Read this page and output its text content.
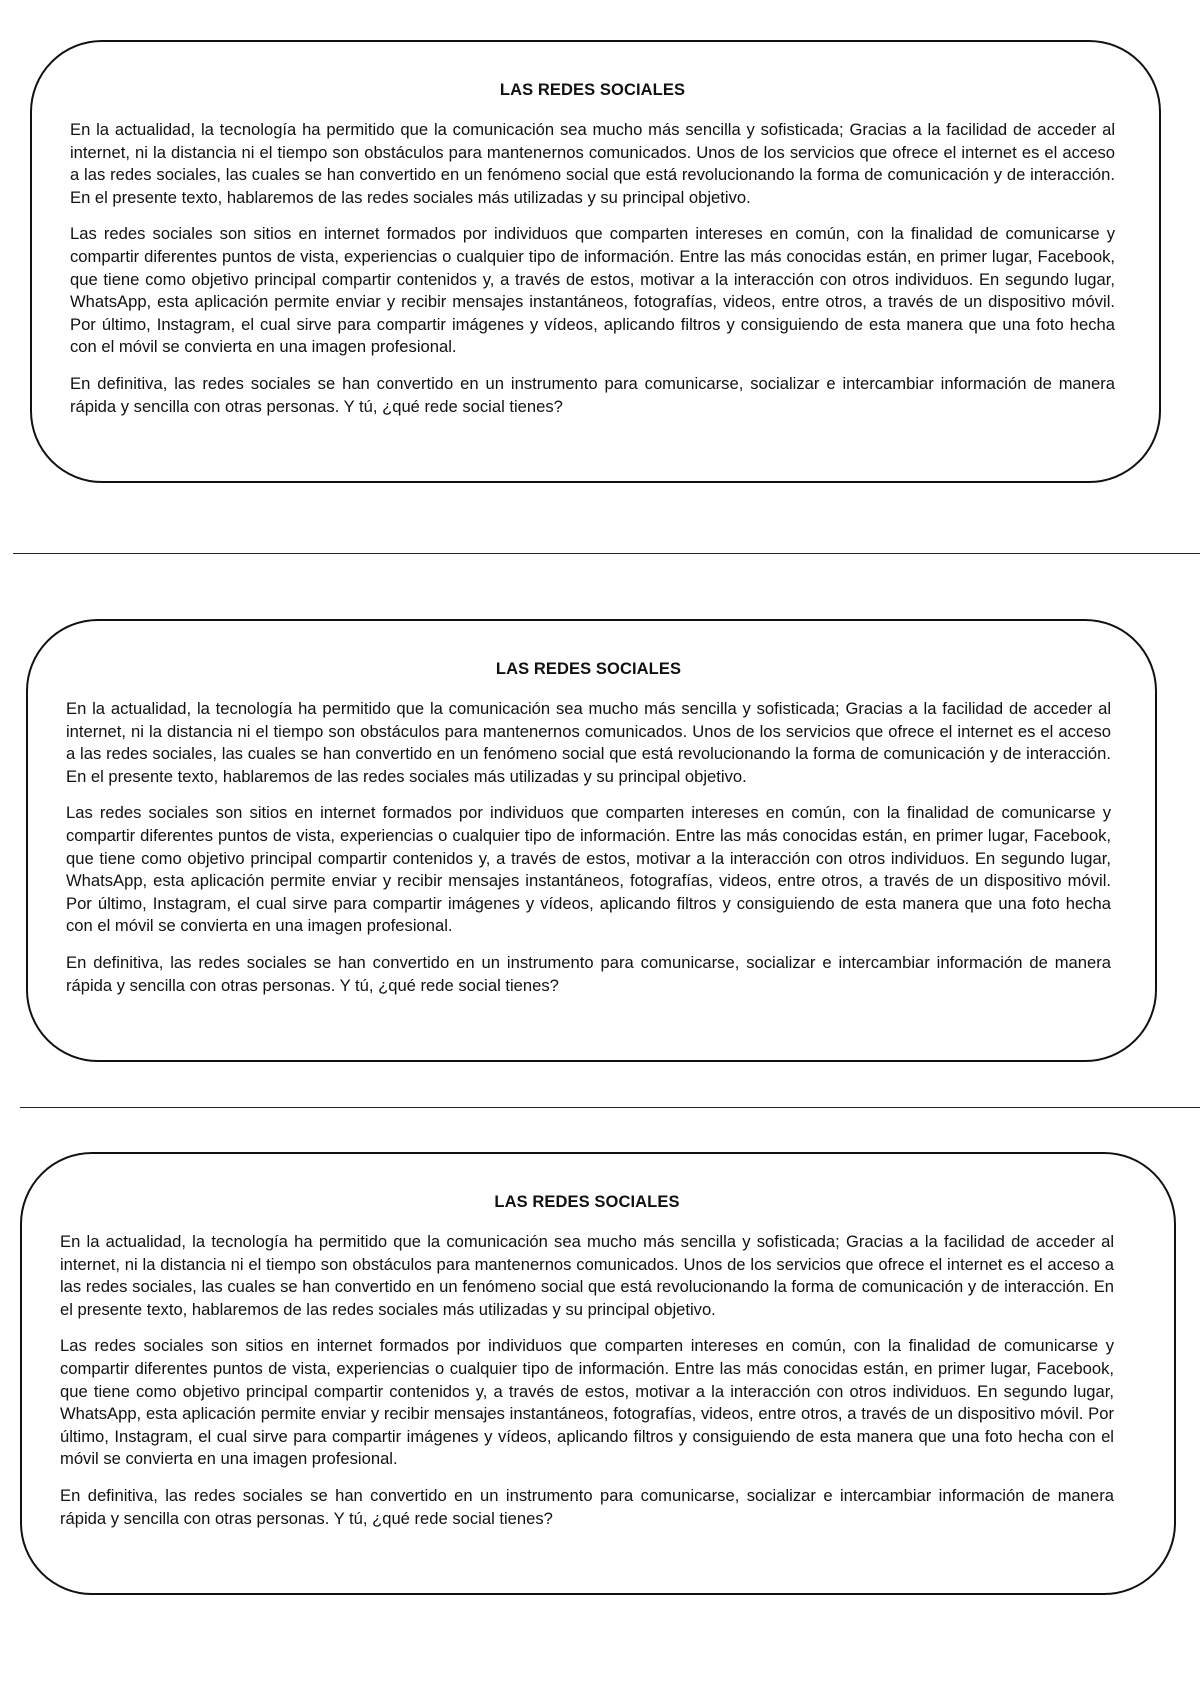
LAS REDES SOCIALES

En la actualidad, la tecnología ha permitido que la comunicación sea mucho más sencilla y sofisticada; Gracias a la facilidad de acceder al internet, ni la distancia ni el tiempo son obstáculos para mantenernos comunicados. Unos de los servicios que ofrece el internet es el acceso a las redes sociales, las cuales se han convertido en un fenómeno social que está revolucionando la forma de comunicación y de interacción. En el presente texto, hablaremos de las redes sociales más utilizadas y su principal objetivo.

Las redes sociales son sitios en internet formados por individuos que comparten intereses en común, con la finalidad de comunicarse y compartir diferentes puntos de vista, experiencias o cualquier tipo de información. Entre las más conocidas están, en primer lugar, Facebook, que tiene como objetivo principal compartir contenidos y, a través de estos, motivar a la interacción con otros individuos. En segundo lugar, WhatsApp, esta aplicación permite enviar y recibir mensajes instantáneos, fotografías, videos, entre otros, a través de un dispositivo móvil. Por último, Instagram, el cual sirve para compartir imágenes y vídeos, aplicando filtros y consiguiendo de esta manera que una foto hecha con el móvil se convierta en una imagen profesional.

En definitiva, las redes sociales se han convertido en un instrumento para comunicarse, socializar e intercambiar información de manera rápida y sencilla con otras personas. Y tú, ¿qué rede social tienes?

LAS REDES SOCIALES

En la actualidad, la tecnología ha permitido que la comunicación sea mucho más sencilla y sofisticada; Gracias a la facilidad de acceder al internet, ni la distancia ni el tiempo son obstáculos para mantenernos comunicados. Unos de los servicios que ofrece el internet es el acceso a las redes sociales, las cuales se han convertido en un fenómeno social que está revolucionando la forma de comunicación y de interacción. En el presente texto, hablaremos de las redes sociales más utilizadas y su principal objetivo.

Las redes sociales son sitios en internet formados por individuos que comparten intereses en común, con la finalidad de comunicarse y compartir diferentes puntos de vista, experiencias o cualquier tipo de información. Entre las más conocidas están, en primer lugar, Facebook, que tiene como objetivo principal compartir contenidos y, a través de estos, motivar a la interacción con otros individuos. En segundo lugar, WhatsApp, esta aplicación permite enviar y recibir mensajes instantáneos, fotografías, videos, entre otros, a través de un dispositivo móvil. Por último, Instagram, el cual sirve para compartir imágenes y vídeos, aplicando filtros y consiguiendo de esta manera que una foto hecha con el móvil se convierta en una imagen profesional.

En definitiva, las redes sociales se han convertido en un instrumento para comunicarse, socializar e intercambiar información de manera rápida y sencilla con otras personas. Y tú, ¿qué rede social tienes?

LAS REDES SOCIALES

En la actualidad, la tecnología ha permitido que la comunicación sea mucho más sencilla y sofisticada; Gracias a la facilidad de acceder al internet, ni la distancia ni el tiempo son obstáculos para mantenernos comunicados. Unos de los servicios que ofrece el internet es el acceso a las redes sociales, las cuales se han convertido en un fenómeno social que está revolucionando la forma de comunicación y de interacción. En el presente texto, hablaremos de las redes sociales más utilizadas y su principal objetivo.

Las redes sociales son sitios en internet formados por individuos que comparten intereses en común, con la finalidad de comunicarse y compartir diferentes puntos de vista, experiencias o cualquier tipo de información. Entre las más conocidas están, en primer lugar, Facebook, que tiene como objetivo principal compartir contenidos y, a través de estos, motivar a la interacción con otros individuos. En segundo lugar, WhatsApp, esta aplicación permite enviar y recibir mensajes instantáneos, fotografías, videos, entre otros, a través de un dispositivo móvil. Por último, Instagram, el cual sirve para compartir imágenes y vídeos, aplicando filtros y consiguiendo de esta manera que una foto hecha con el móvil se convierta en una imagen profesional.

En definitiva, las redes sociales se han convertido en un instrumento para comunicarse, socializar e intercambiar información de manera rápida y sencilla con otras personas. Y tú, ¿qué rede social tienes?
